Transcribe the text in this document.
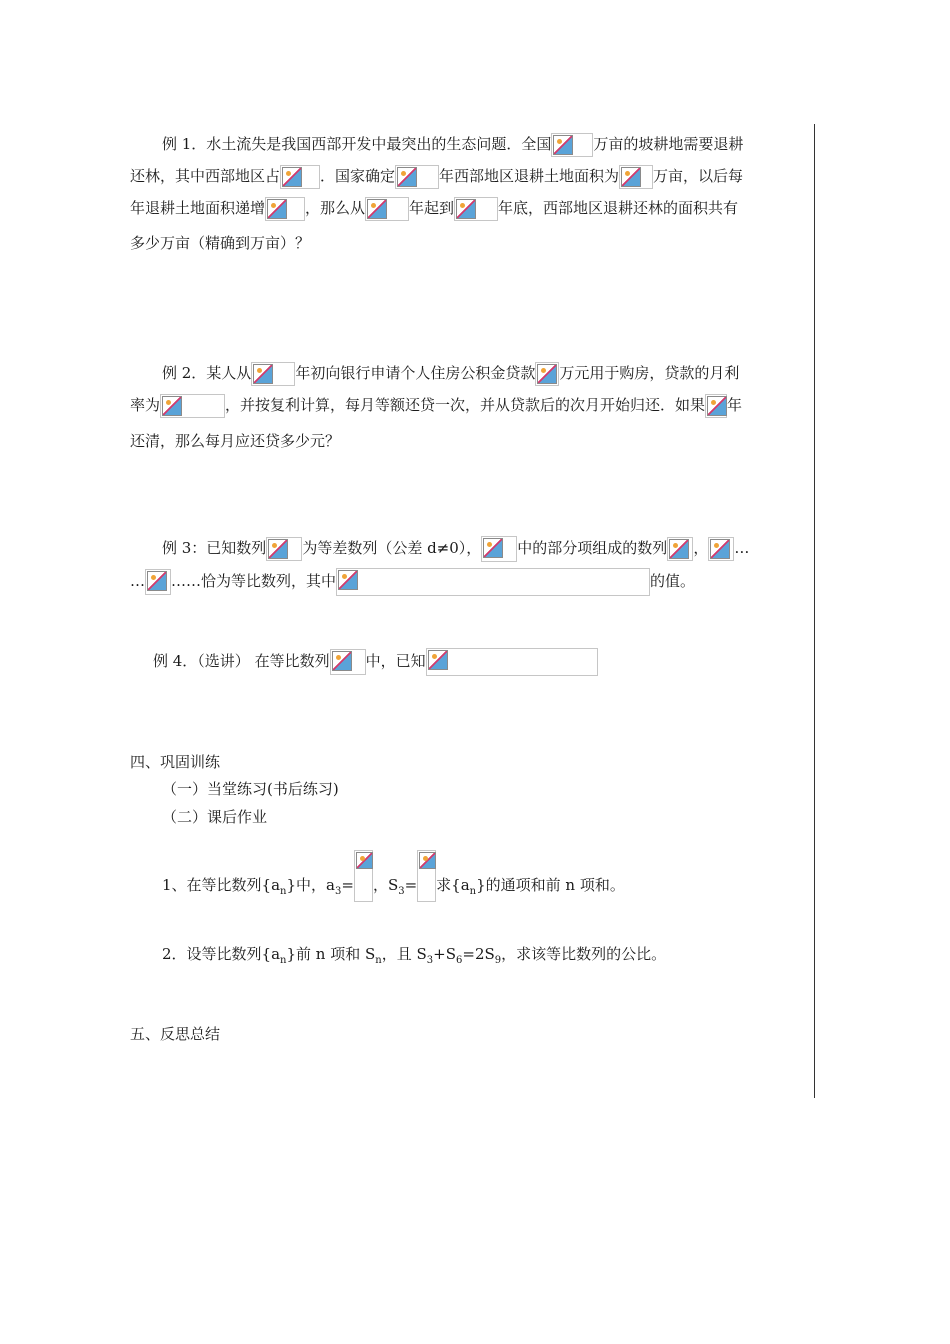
例 1．水土流失是我国西部开发中最突出的生态问题．全国	万亩的坡耕地需要退耕
还林，其中西部地区占	．国家确定	年西部地区退耕土地面积为 万亩，以后每
年退耕土地面积递增	，那么从	年起到	年底，西部地区退耕还林的面积共有
多少万亩（精确到万亩）？
例 2．某人从	年初向银行申请个人住房公积金贷款 万元用于购房，贷款的月利
率为	，并按复利计算，每月等额还贷一次，并从贷款后的次月开始归还．如果 年
还清，那么每月应还贷多少元？
例 3：已知数列 为等差数列（公差 d≠0）， 中的部分项组成的数列 ， …
… ……恰为等比数列，其中	的值。
例 4．（选讲） 在等比数列 中，已知
四、巩固训练
（一）当堂练习(书后练习)
（二）课后作业
1、在等比数列$\{a_n\}$中，$a_3=$ ，$S_3=$ 求$\{a_n\}$的通项和前 n 项和。
2．设等比数列$\{a_n\}$前 n 项和 $S_n$，且 $S_3+S_6=2S_9$，求该等比数列的公比。
五、反思总结
